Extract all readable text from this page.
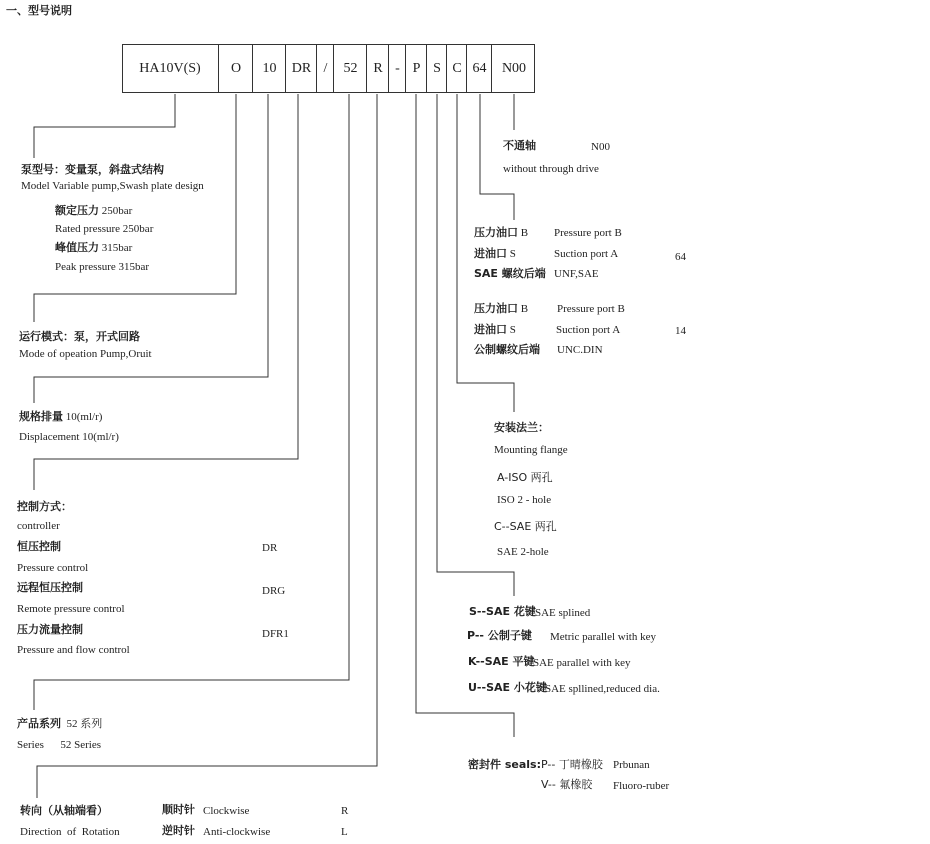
一、型号说明
HA10V(S)	O	10	DR /	52	R - P S C 64	N00
泵型号：变量泵，斜盘式结构
Model Variable pump,Swash plate design
额定压力 250bar
Rated pressure 250bar
峰值压力 315bar
Peak pressure 315bar
运行模式：泵，开式回路
Mode of opeation Pump,Oruit
规格排量 10(ml/r)
Displacement 10(ml/r)
控制方式：
controller
恒压控制	DR
Pressure control
远程恒压控制	DRG
Remote pressure control
压力流量控制	DFR1
Pressure and flow control
产品系列 52 系列
Series      52 Series
转向（从轴端看）
Direction  of  Rotation
顺时针 Clockwise	R
逆时针 Anti-clockwise	L
不通轴	N00
without through drive
压力油口 B Pressure port B
进油口 S	Suction port A	64
SAE 螺纹后端 UNF,SAE
压力油口 B	Pressure port B
进油口 S	Suction port A	14
公制螺纹后端 UNC.DIN
安装法兰：
Mounting flange
A-ISO 两孔
ISO 2 - hole
C--SAE 两孔
SAE 2-hole
S--SAE 花键 SAE splined
P-- 公制子键 Metric parallel with key
K--SAE 平键
SAE parallel with key
U--SAE 小花键
SAE spllined,reduced dia.
密封件 seals: P-- 丁晴橡胶 Prbunan
V-- 氟橡胶 Fluoro-ruber
